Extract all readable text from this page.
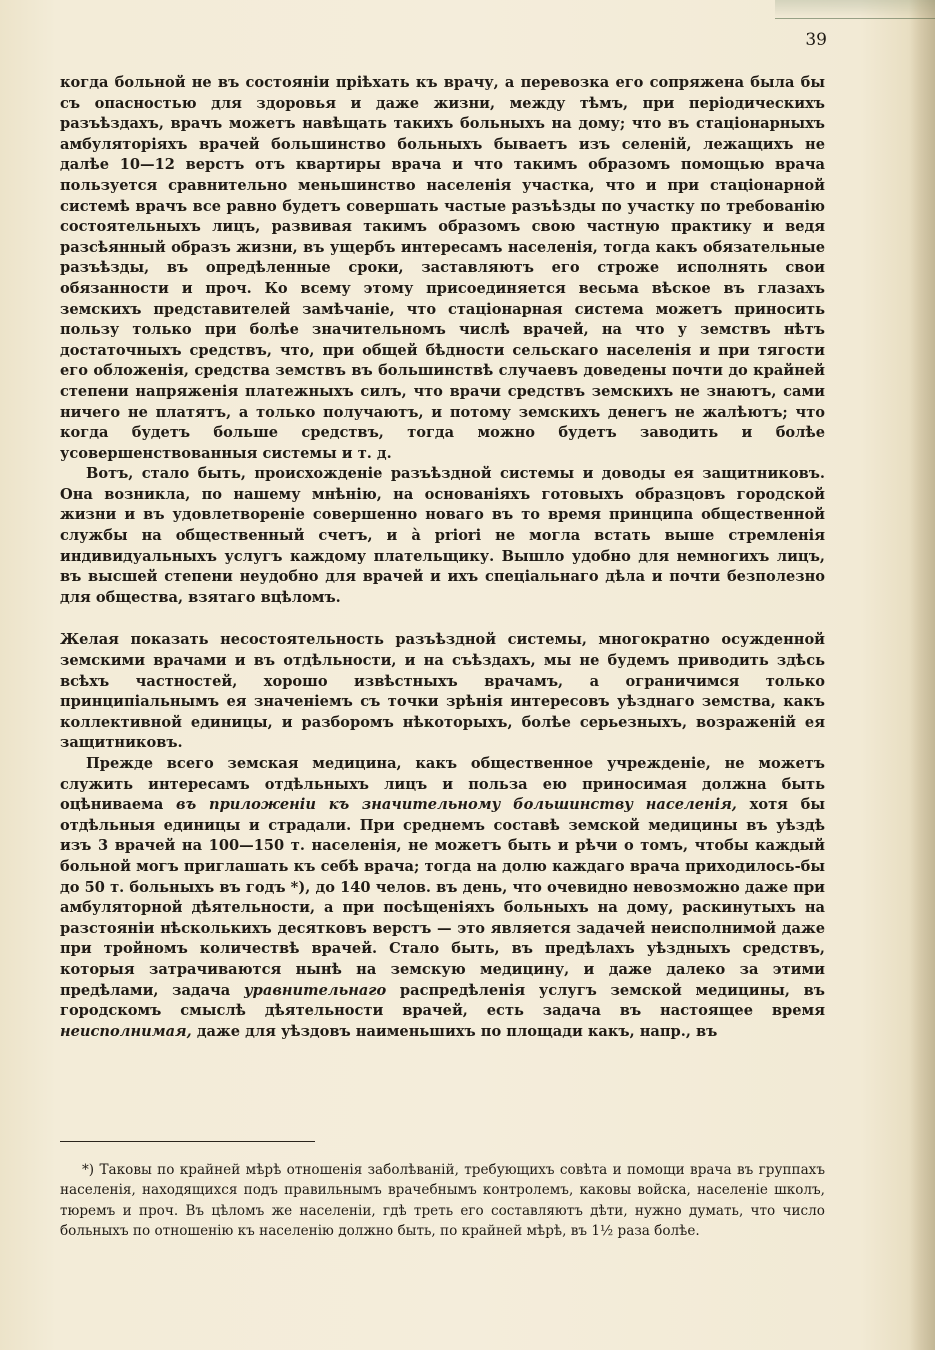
39

когда больной не въ состоянiи прiѣхать къ врачу, а перевозка его сопряжена была бы съ опасностью для здоровья и даже жизни, между тѣмъ, при перiодическихъ разъѣздахъ, врачъ можетъ навѣщать такихъ больныхъ на дому; что въ стацiонарныхъ амбуляторiяхъ врачей большинство больныхъ бываетъ изъ селенiй, лежащихъ не далѣе 10—12 верстъ отъ квартиры врача и что такимъ образомъ помощью врача пользуется сравнительно меньшинство населенiя участка, что и при стацiонарной системѣ врачъ все равно будетъ совершать частые разъѣзды по участку по требованiю состоятельныхъ лицъ, развивая такимъ образомъ свою частную практику и ведя разсѣянный образъ жизни, въ ущербъ интересамъ населенiя, тогда какъ обязательные разъѣзды, въ опредѣленные сроки, заставляютъ его строже исполнять свои обязанности и проч. Ко всему этому присоединяется весьма вѣское въ глазахъ земскихъ представителей замѣчанiе, что стацiонарная система можетъ приносить пользу только при болѣе значительномъ числѣ врачей, на что у земствъ нѣтъ достаточныхъ средствъ, что, при общей бѣдности сельскаго населенiя и при тягости его обложенiя, средства земствъ въ большинствѣ случаевъ доведены почти до крайней степени напряженiя платежныхъ силъ, что врачи средствъ земскихъ не знаютъ, сами ничего не платятъ, а только получаютъ, и потому земскихъ денегъ не жалѣютъ; что когда будетъ больше средствъ, тогда можно будетъ заводить и болѣе усовершенствованныя системы и т. д.

Вотъ, стало быть, происхожденiе разъѣздной системы и доводы ея защитниковъ. Она возникла, по нашему мнѣнiю, на основанiяхъ готовыхъ образцовъ городской жизни и въ удовлетворенiе совершенно новаго въ то время принципа общественной службы на общественный счетъ, и à priori не могла встать выше стремленiя индивидуальныхъ услугъ каждому плательщику. Вышло удобно для немногихъ лицъ, въ высшей степени неудобно для врачей и ихъ спецiальнаго дѣла и почти безполезно для общества, взятаго вцѣломъ.

Желая показать несостоятельность разъѣздной системы, многократно осужденной земскими врачами и въ отдѣльности, и на съѣздахъ, мы не будемъ приводить здѣсь всѣхъ частностей, хорошо извѣстныхъ врачамъ, а ограничимся только принципiальнымъ ея значенiемъ съ точки зрѣнiя интересовъ уѣзднаго земства, какъ коллективной единицы, и разборомъ нѣкоторыхъ, болѣе серьезныхъ, возраженiй ея защитниковъ.

Прежде всего земская медицина, какъ общественное учрежденiе, не можетъ служить интересамъ отдѣльныхъ лицъ и польза ею приносимая должна быть оцѣниваема въ приложенiи къ значительному большинству населенiя, хотя бы отдѣльныя единицы и страдали. При среднемъ составѣ земской медицины въ уѣздѣ изъ 3 врачей на 100—150 т. населенiя, не можетъ быть и рѣчи о томъ, чтобы каждый больной могъ приглашать къ себѣ врача; тогда на долю каждаго врача приходилось-бы до 50 т. больныхъ въ годъ *), до 140 челов. въ день, что очевидно невозможно даже при амбуляторной дѣятельности, а при посѣщенiяхъ больныхъ на дому, раскинутыхъ на разстоянiи нѣсколькихъ десятковъ верстъ — это является задачей неисполнимой даже при тройномъ количествѣ врачей. Стало быть, въ предѣлахъ уѣздныхъ средствъ, которыя затрачиваются нынѣ на земскую медицину, и даже далеко за этими предѣлами, задача уравнительнаго распредѣленiя услугъ земской медицины, въ городскомъ смыслѣ дѣятельности врачей, есть задача въ настоящее время неисполнимая, даже для уѣздовъ наименьшихъ по площади какъ, напр., въ

*) Таковы по крайней мѣрѣ отношенiя заболѣванiй, требующихъ совѣта и помощи врача въ группахъ населенiя, находящихся подъ правильнымъ врачебнымъ контролемъ, каковы войска, населенiе школъ, тюремъ и проч. Въ цѣломъ же населенiи, гдѣ треть его составляютъ дѣти, нужно думать, что число больныхъ по отношенiю къ населенiю должно быть, по крайней мѣрѣ, въ 1½ раза болѣе.
